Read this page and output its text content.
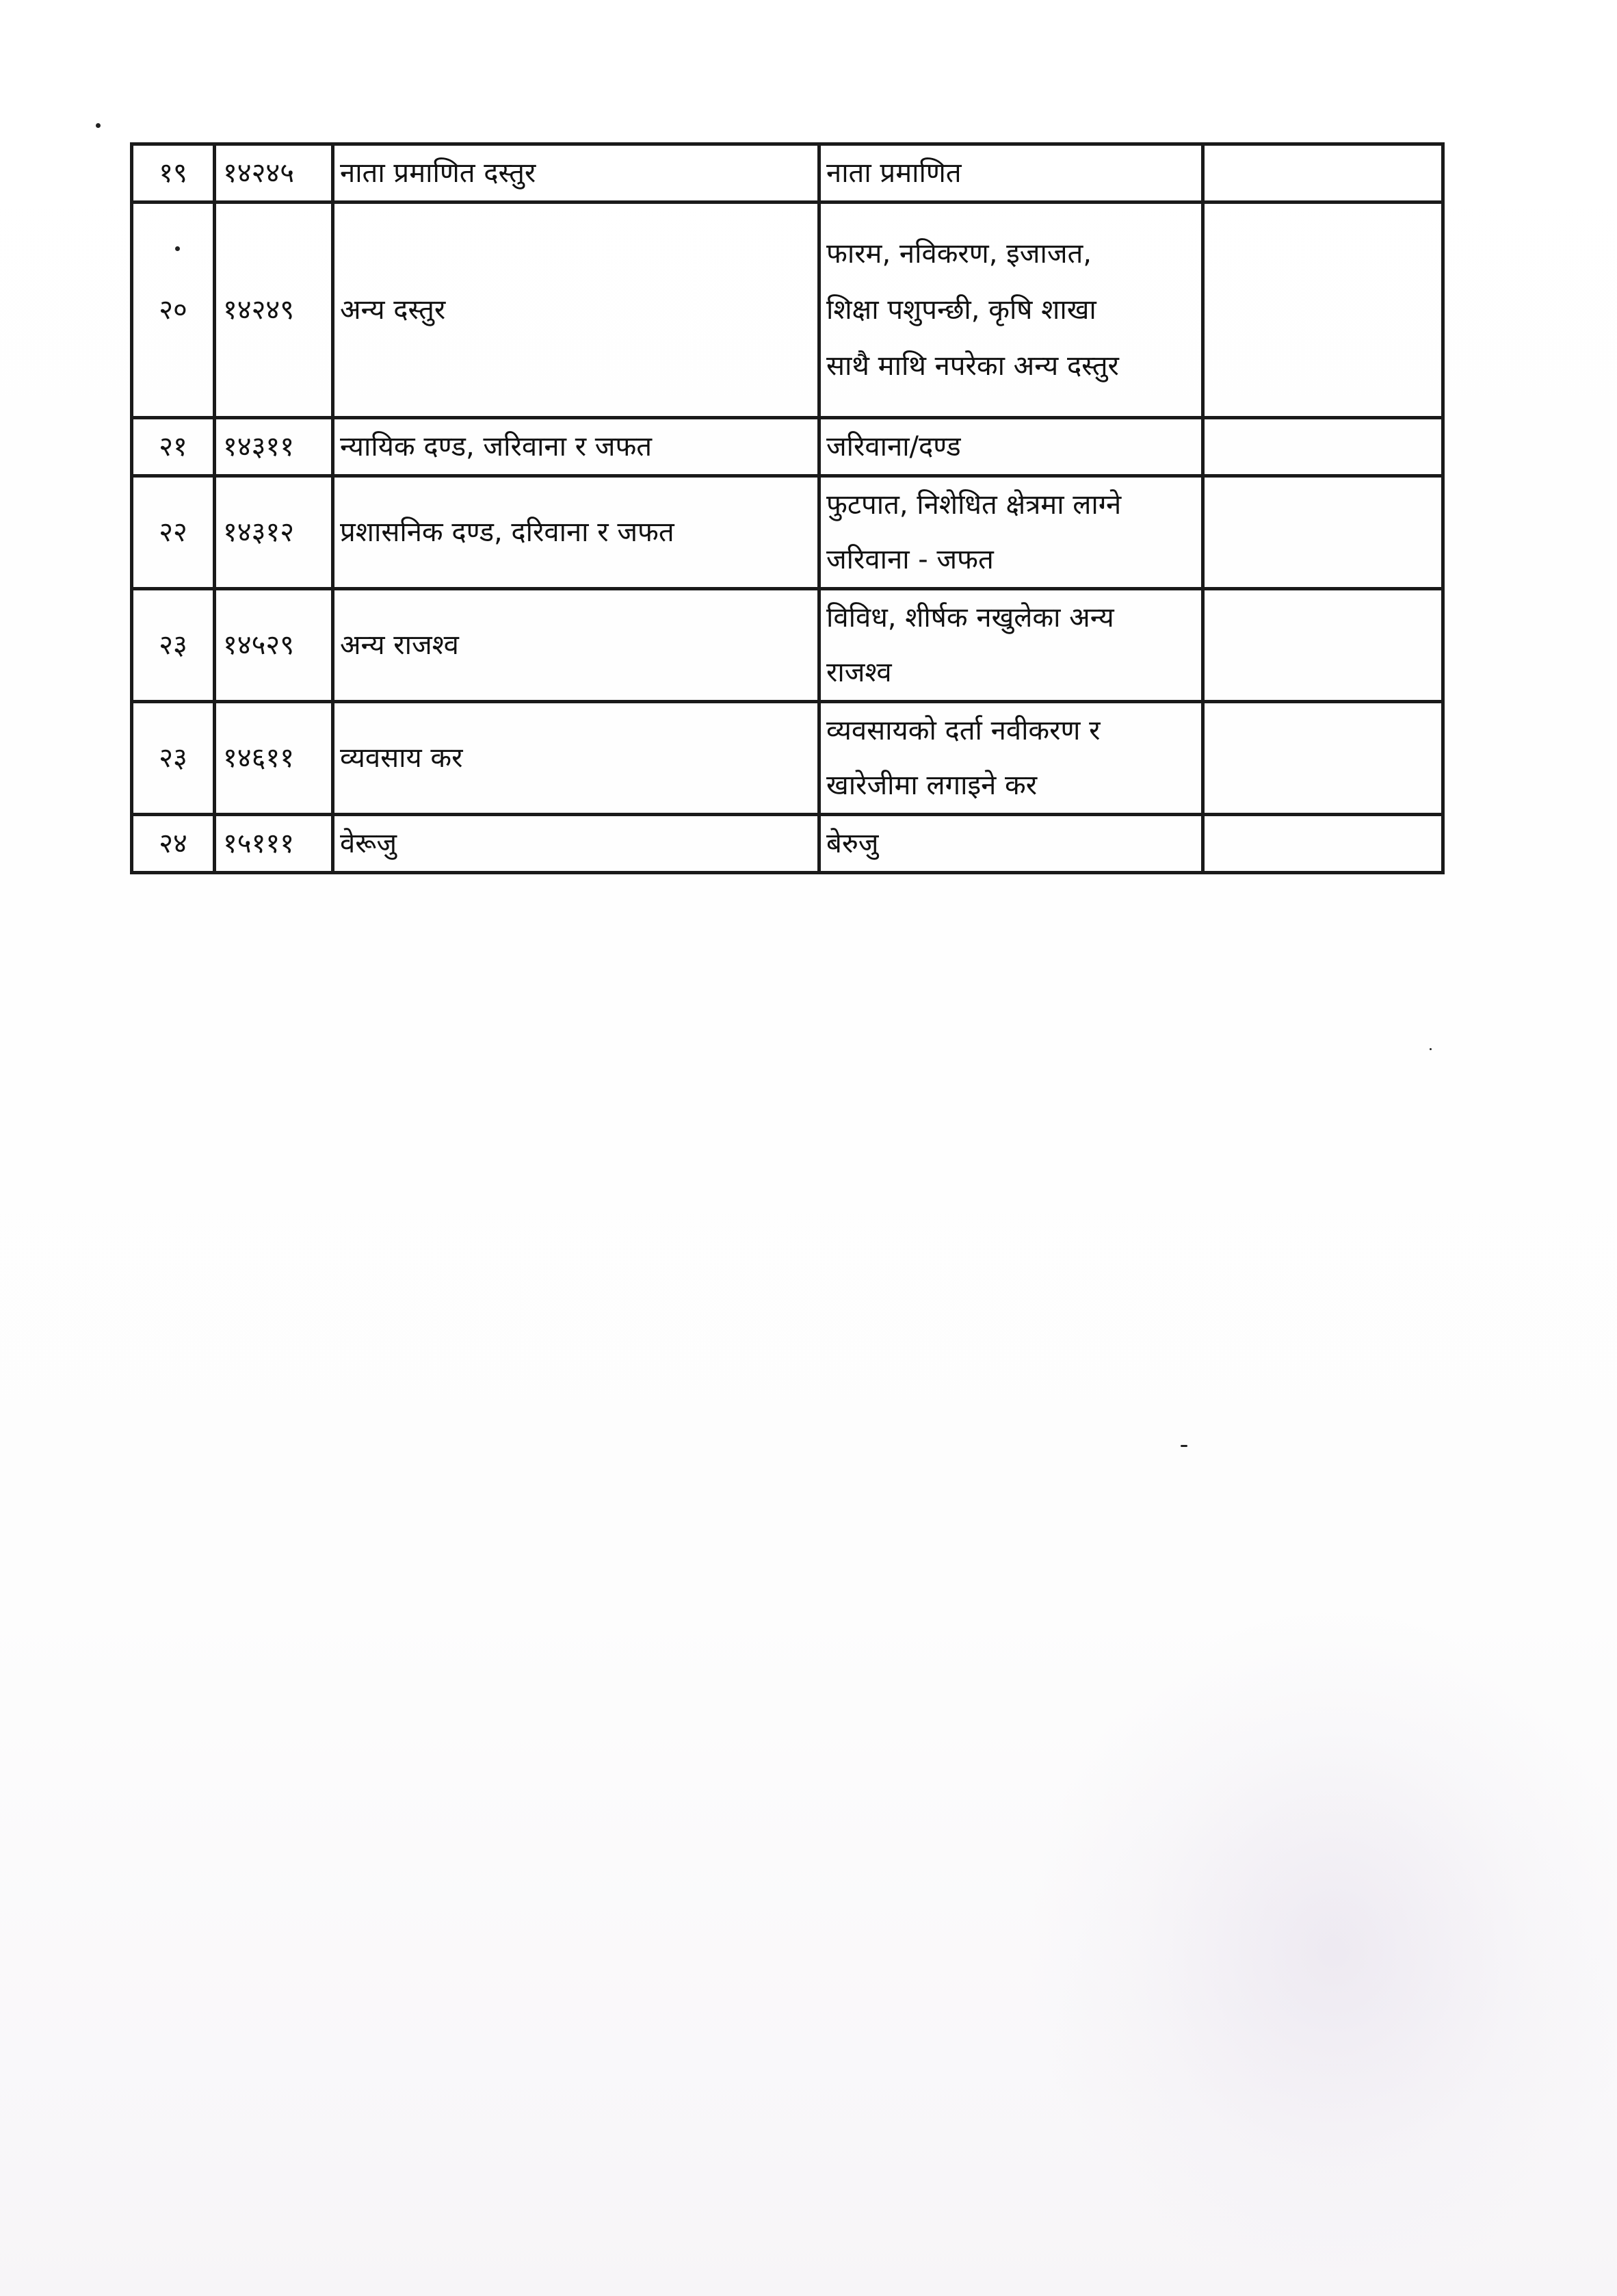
१९	१४२४५	नाता प्रमाणित दस्तुर	नाता प्रमाणित	

२०	१४२४९	अन्य दस्तुर	फारम, नविकरण, इजाजत,
शिक्षा पशुपन्छी, कृषि शाखा
साथै माथि नपरेका अन्य दस्तुर	

२१	१४३११	न्यायिक दण्ड, जरिवाना र जफत	जरिवाना/दण्ड	

२२	१४३१२	प्रशासनिक दण्ड, दरिवाना र जफत	फुटपात, निशेधित क्षेत्रमा लाग्ने
जरिवाना - जफत	

२३	१४५२९	अन्य राजश्व	विविध, शीर्षक नखुलेका अन्य
राजश्व	

२३	१४६११	व्यवसाय कर	व्यवसायको दर्ता नवीकरण र
खारेजीमा लगाइने कर	

२४	१५१११	वेरूजु	बेरुजु	
